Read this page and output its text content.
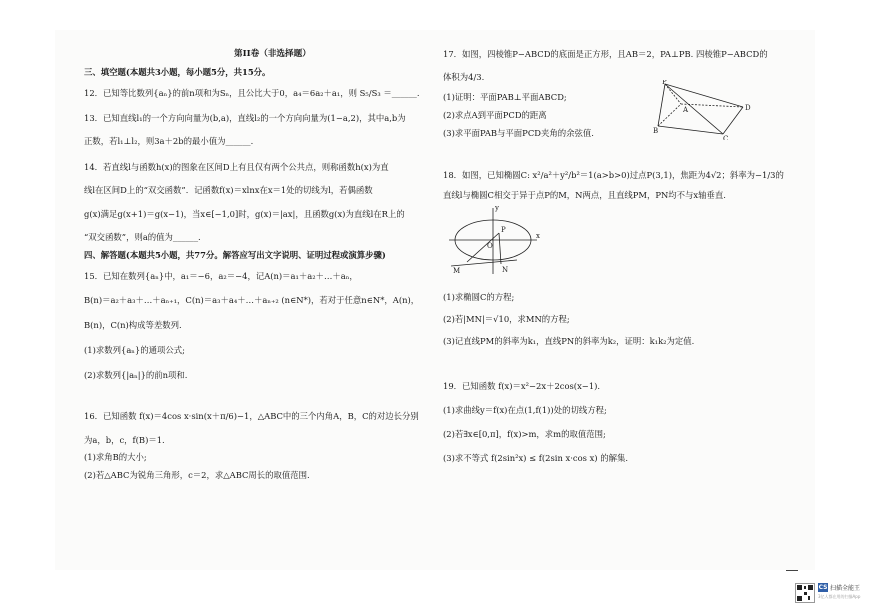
第II卷（非选择题）
三、填空题(本题共3小题，每小题5分，共15分。
12．已知等比数列{aₙ}的前n项和为Sₙ，且公比大于0，a₄＝6a₂＋a₁，则 S₅/S₃ ＝______.
13．已知直线l₁的一个方向向量为(b,a)，直线l₂的一个方向向量为(1−a,2)，其中a,b为
正数，若l₁⊥l₂，则3a＋2b的最小值为______.
14．若直线l与函数h(x)的图象在区间D上有且仅有两个公共点，则称函数h(x)为直
线l在区间D上的“双交函数”．记函数f(x)＝xlnx在x＝1处的切线为l，若偶函数
g(x)满足g(x+1)＝g(x−1)，当x∈[−1,0]时，g(x)＝|ax|，且函数g(x)为直线l在R上的
“双交函数”，则a的值为______.
四、解答题(本题共5小题，共77分。解答应写出文字说明、证明过程或演算步骤)
15．已知在数列{aₙ}中，a₁＝−6，a₂＝−4，记A(n)＝a₁＋a₂＋…＋aₙ，
B(n)＝a₂＋a₃＋…＋aₙ₊₁，C(n)＝a₃＋a₄＋…＋aₙ₊₂ (n∈N*)，若对于任意n∈N*，A(n)，
B(n)，C(n)构成等差数列.
(1)求数列{aₙ}的通项公式;
(2)求数列{|aₙ|}的前n项和.
16．已知函数 f(x)＝4cos x·sin(x＋π/6)−1，△ABC中的三个内角A，B，C的对边长分别
为a，b，c，f(B)＝1.
(1)求角B的大小;
(2)若△ABC为锐角三角形，c＝2，求△ABC周长的取值范围.
17．如图，四棱锥P−ABCD的底面是正方形，且AB＝2，PA⊥PB. 四棱锥P−ABCD的
体积为4/3.
(1)证明：平面PAB⊥平面ABCD;
(2)求点A到平面PCD的距离
(3)求平面PAB与平面PCD夹角的余弦值.
P
A
B
C
D
18．如图，已知椭圆C: x²/a²＋y²/b²＝1(a>b>0)过点P(3,1)，焦距为4√2；斜率为−1/3的
直线l与椭圆C相交于异于点P的M，N两点，且直线PM，PN均不与x轴垂直.
y
x
O
P
M	N
(1)求椭圆C的方程;
(2)若|MN|＝√10，求MN的方程;
(3)记直线PM的斜率为k₁，直线PN的斜率为k₂，证明：k₁k₂为定值.
19．已知函数 f(x)＝x²−2x＋2cos(x−1).
(1)求曲线y＝f(x)在点(1,f(1))处的切线方程;
(2)若∃x∈[0,π]，f(x)>m，求m的取值范围;
(3)求不等式 f(2sin²x) ≤ f(2sin x·cos x) 的解集.
CS 扫描全能王
3亿人都在用的扫描App
